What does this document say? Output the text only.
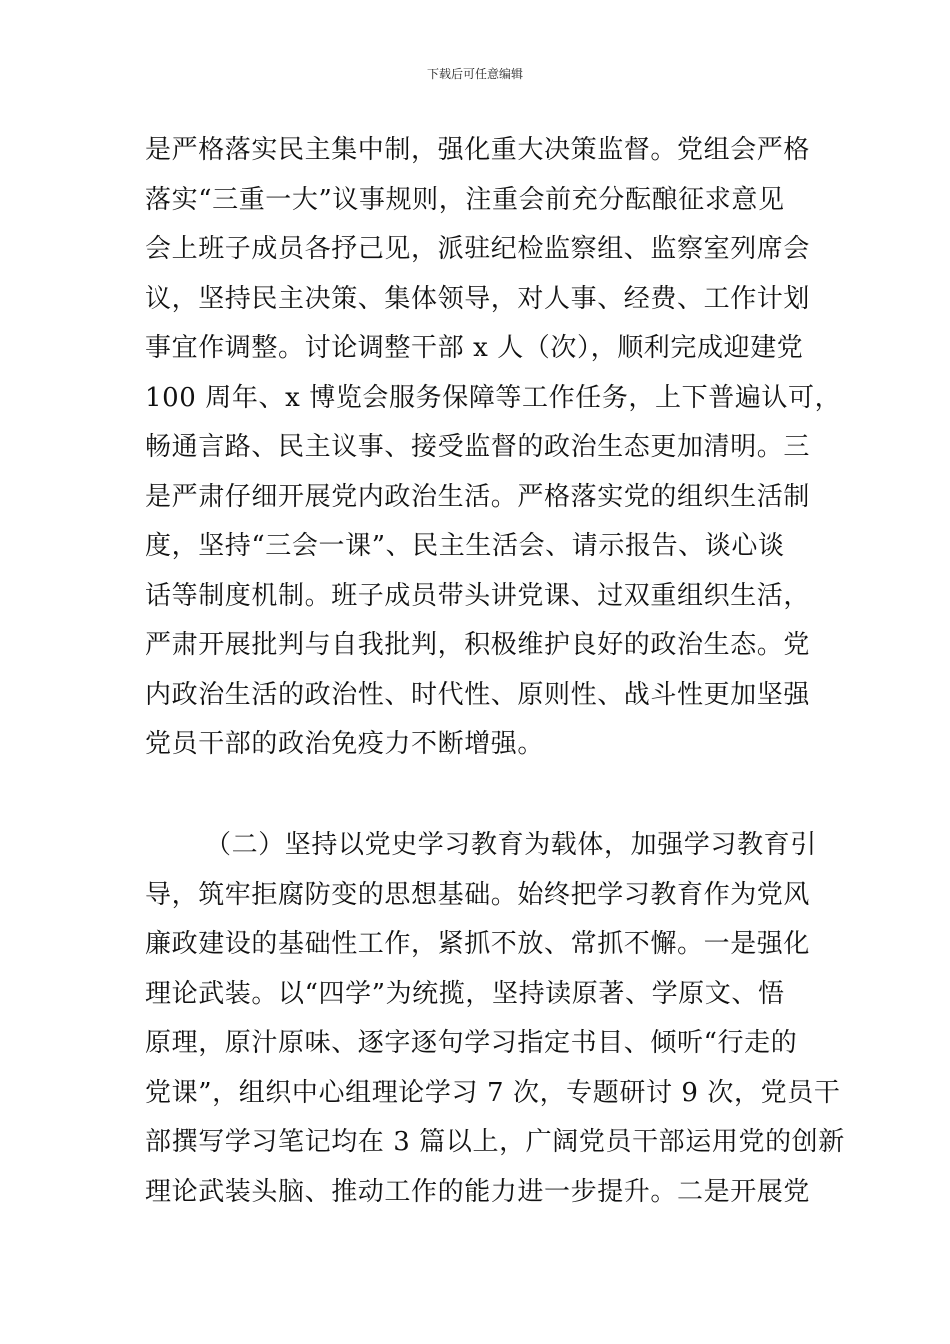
下载后可任意编辑
是严格落实民主集中制，强化重大决策监督。党组会严格
落实“三重一大”议事规则，注重会前充分酝酿征求意见
会上班子成员各抒己见，派驻纪检监察组、监察室列席会
议，坚持民主决策、集体领导，对人事、经费、工作计划
事宜作调整。讨论调整干部 x 人（次），顺利完成迎建党
100 周年、x 博览会服务保障等工作任务，上下普遍认可，
畅通言路、民主议事、接受监督的政治生态更加清明。三
是严肃仔细开展党内政治生活。严格落实党的组织生活制
度，坚持“三会一课”、民主生活会、请示报告、谈心谈
话等制度机制。班子成员带头讲党课、过双重组织生活，
严肃开展批判与自我批判，积极维护良好的政治生态。党
内政治生活的政治性、时代性、原则性、战斗性更加坚强
党员干部的政治免疫力不断增强。
（二）坚持以党史学习教育为载体，加强学习教育引
导，筑牢拒腐防变的思想基础。始终把学习教育作为党风
廉政建设的基础性工作，紧抓不放、常抓不懈。一是强化
理论武装。以“四学”为统揽，坚持读原著、学原文、悟
原理，原汁原味、逐字逐句学习指定书目、倾听“行走的
党课”，组织中心组理论学习 7 次，专题研讨 9 次，党员干
部撰写学习笔记均在 3 篇以上，广阔党员干部运用党的创新
理论武装头脑、推动工作的能力进一步提升。二是开展党
